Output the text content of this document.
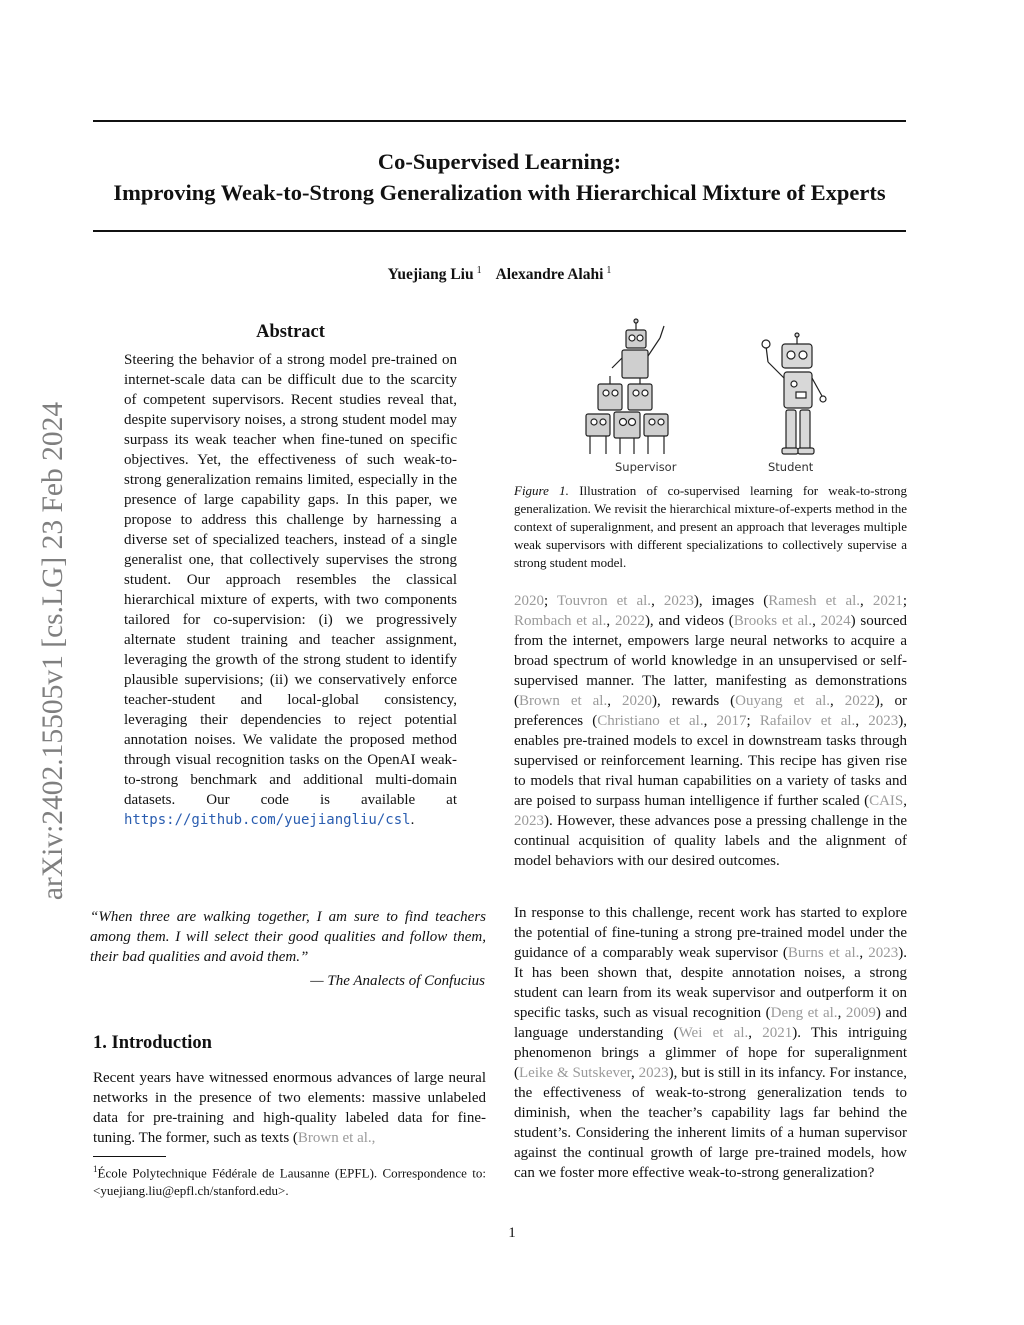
arXiv:2402.15505v1 [cs.LG] 23 Feb 2024
Co-Supervised Learning:
Improving Weak-to-Strong Generalization with Hierarchical Mixture of Experts
Yuejiang Liu $^1$ Alexandre Alahi $^1$
Abstract

Steering the behavior of a strong model pre-trained on internet-scale data can be difficult due to the scarcity of competent supervisors. Recent studies reveal that, despite supervisory noises, a strong student model may surpass its weak teacher when fine-tuned on specific objectives. Yet, the effectiveness of such weak-to-strong generalization remains limited, especially in the presence of large capability gaps. In this paper, we propose to address this challenge by harnessing a diverse set of specialized teachers, instead of a single generalist one, that collectively supervises the strong student. Our approach resembles the classical hierarchical mixture of experts, with two components tailored for co-supervision: (i) we progressively alternate student training and teacher assignment, leveraging the growth of the strong student to identify plausible supervisions; (ii) we conservatively enforce teacher-student and local-global consistency, leveraging their dependencies to reject potential annotation noises. We validate the proposed method through visual recognition tasks on the OpenAI weak-to-strong benchmark and additional multi-domain datasets. Our code is available at https://github.com/yuejiangliu/csl.

“When three are walking together, I am sure to find teachers among them. I will select their good qualities and follow them, their bad qualities and avoid them.”
— The Analects of Confucius
1. Introduction
Recent years have witnessed enormous advances of large neural networks in the presence of two elements: massive unlabeled data for pre-training and high-quality labeled data for fine-tuning. The former, such as texts (Brown et al.,
$^1$École Polytechnique Fédérale de Lausanne (EPFL). Correspondence to: <yuejiang.liu@epfl.ch/stanford.edu>.
Supervisor	Student
Figure 1. Illustration of co-supervised learning for weak-to-strong generalization. We revisit the hierarchical mixture-of-experts method in the context of superalignment, and present an approach that leverages multiple weak supervisors with different specializations to collectively supervise a strong student model.

2020; Touvron et al., 2023), images (Ramesh et al., 2021; Rombach et al., 2022), and videos (Brooks et al., 2024) sourced from the internet, empowers large neural networks to acquire a broad spectrum of world knowledge in an unsupervised or self-supervised manner. The latter, manifesting as demonstrations (Brown et al., 2020), rewards (Ouyang et al., 2022), or preferences (Christiano et al., 2017; Rafailov et al., 2023), enables pre-trained models to excel in downstream tasks through supervised or reinforcement learning. This recipe has given rise to models that rival human capabilities on a variety of tasks and are poised to surpass human intelligence if further scaled (CAIS, 2023). However, these advances pose a pressing challenge in the continual acquisition of quality labels and the alignment of model behaviors with our desired outcomes.

In response to this challenge, recent work has started to explore the potential of fine-tuning a strong pre-trained model under the guidance of a comparably weak supervisor (Burns et al., 2023). It has been shown that, despite annotation noises, a strong student can learn from its weak supervisor and outperform it on specific tasks, such as visual recognition (Deng et al., 2009) and language understanding (Wei et al., 2021). This intriguing phenomenon brings a glimmer of hope for superalignment (Leike & Sutskever, 2023), but is still in its infancy. For instance, the effectiveness of weak-to-strong generalization tends to diminish, when the teacher’s capability lags far behind the student’s. Considering the inherent limits of a human supervisor against the continual growth of large pre-trained models, how can we foster more effective weak-to-strong generalization?

1
